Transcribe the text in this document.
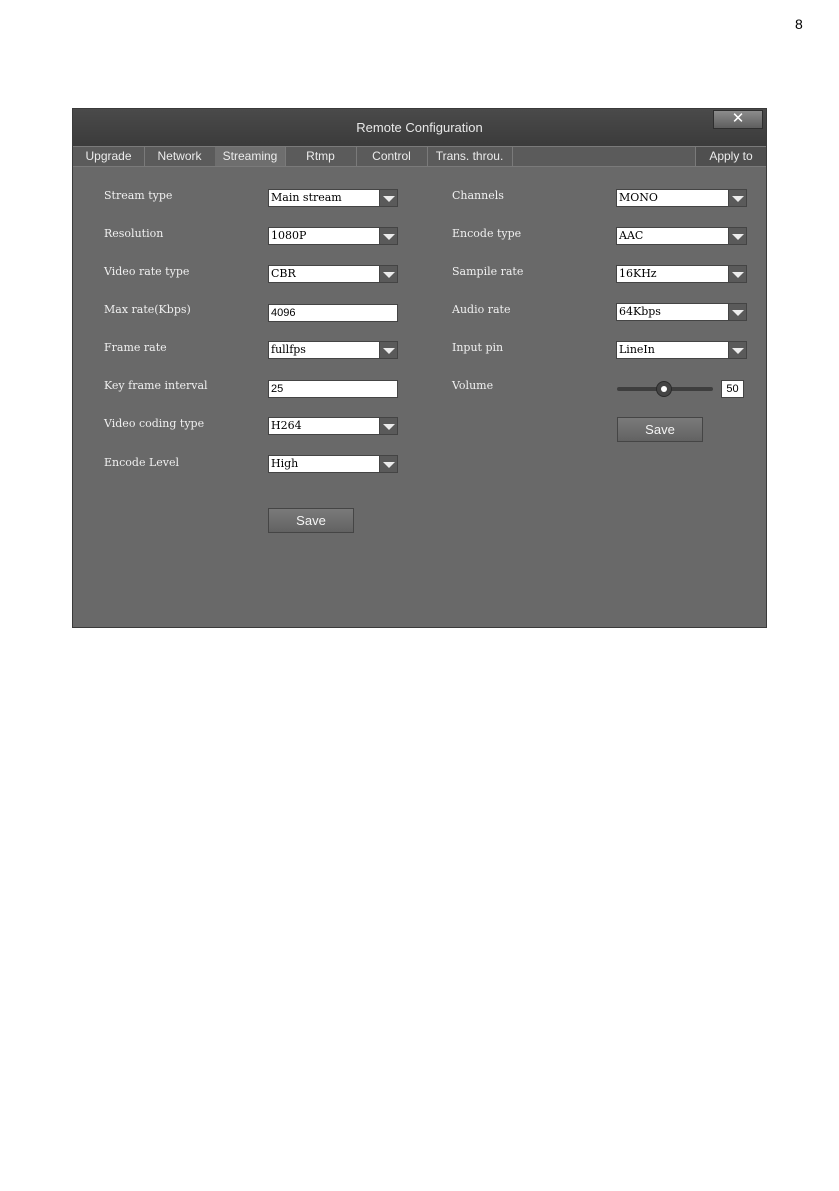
8
Remote Configuration
✕
Upgrade	Network	Streaming	Rtmp	Control	Trans. throu.	Apply to
Stream type	Main stream
Resolution	1080P
Video rate type	CBR
Max rate(Kbps)	4096
Frame rate	fullfps
Key frame interval	25
Video coding type	H264
Encode Level	High
Save
Channels	MONO
Encode type	AAC
Sampile rate	16KHz
Audio rate	64Kbps
Input pin	LineIn
Volume	50
Save
